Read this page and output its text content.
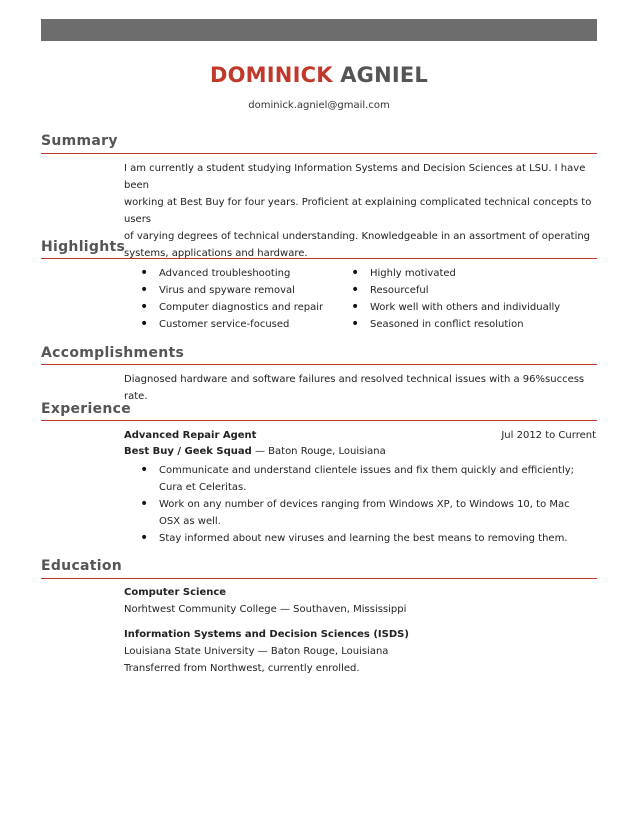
DOMINICK AGNIEL
dominick.agniel@gmail.com
Summary
I am currently a student studying Information Systems and Decision Sciences at LSU. I have been
working at Best Buy for four years. Proficient at explaining complicated technical concepts to users
of varying degrees of technical understanding. Knowledgeable in an assortment of operating
systems, applications and hardware.
Highlights
• Advanced troubleshooting
• Virus and spyware removal
• Computer diagnostics and repair
• Customer service-focused
• Highly motivated
• Resourceful
• Work well with others and individually
• Seasoned in conflict resolution
Accomplishments
Diagnosed hardware and software failures and resolved technical issues with a 96%success rate.
Experience
Advanced Repair Agent	Jul 2012 to Current
Best Buy / Geek Squad — Baton Rouge, Louisiana
• Communicate and understand clientele issues and fix them quickly and efficiently; Cura et Celeritas.
• Work on any number of devices ranging from Windows XP, to Windows 10, to Mac OSX as well.
• Stay informed about new viruses and learning the best means to removing them.
Education
Computer Science
Norhtwest Community College — Southaven, Mississippi
Information Systems and Decision Sciences (ISDS)
Louisiana State University — Baton Rouge, Louisiana
Transferred from Northwest, currently enrolled.
